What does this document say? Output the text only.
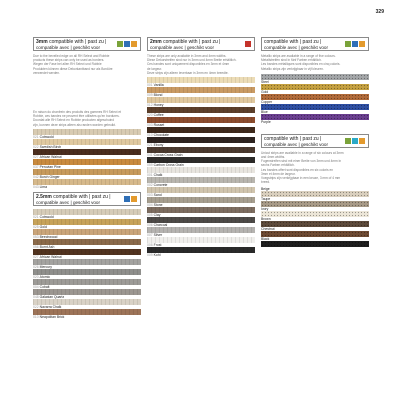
329
3mm compatible with | past zu |
compatible avec | geschikt voor

Due to the bevelled edge on all RH Select and Robbie

products these strips can only be used as borders.

Wegen der Fase bei allen RH Select und Robbie

Produkten können diese Dekorkantband nur als Bordüre

verwendet werden.

En raison du chanfrein des produits des gammes RH Select et

Robbie, ces bandes ne peuvent être utilisées qu'en bordures.

Doordat alle RH Select en Robbie producten afgeschuind

zijn, kunnen deze strips alleen als randen worden gebruikt.

021Cotswold
022Swedish Birch
027African Walnut
037Peruvian Pine
042Burch Ginger
043Lima
2.5mm compatible with | past zu |
compatible avec | geschikt voor
021Cotswold
025Gold
053Beechwood
056Burnt Ash
027African Walnut
026Mercury
020Atomic
004Cobalt
048Galaxian Quartz
022Navarra Chalk
010Neapolitan Brick
2mm compatible with | past zu |
compatible avec | geschikt voor

These strips are only available in 3mm and 4mm widths.

Diese Dekorstreifen sind nur in 3mm und 4mm Breite erhältlich.

Ces bandes sont uniquement disponibles en 3mm et 4mm

de largeur.

Deze strips zijn alleen leverbaar in 3mm en 4mm breedte.

001Vanilla
009Blond
012Honey
020Coffee
003Russet
010Chocolate
021Ebony
041Cocoa Cross Grain
059Carbon Cross Grain
001Chalk
002Concrete
003Sand
004Stone
005Clay
006Charcoal
007Silver
008Frost
009Kohl
compatible with | past zu |
compatible avec | geschikt voor

Metallic strips are available in a range of five colours.

Metallstreifen sind in fünf Farben erhältlich.

Les bandes métalliques sont disponibles en cinq coloris.

Metallic strips zijn verkrijgbaar in vijf kleuren.

Steel
Gold
Copper
Blue
Purple
compatible with | past zu |
compatible avec | geschikt voor

Unicut strips are available in a range of six colours at 3mm

and 4mm widths.

Fugenstreifen sind mit einer Breite von 3mm und 4mm in

sechs Farben erhältlich.

Les bandes offert sont disponibles en six coloris en

3mm et 4mm de largeur.

Voegstrips zijn verkrijgbaar in een keuze, 3 mm of 4 mm

breed.

Beige
Taupe
Ivory
Brown
Chestnut
Black
